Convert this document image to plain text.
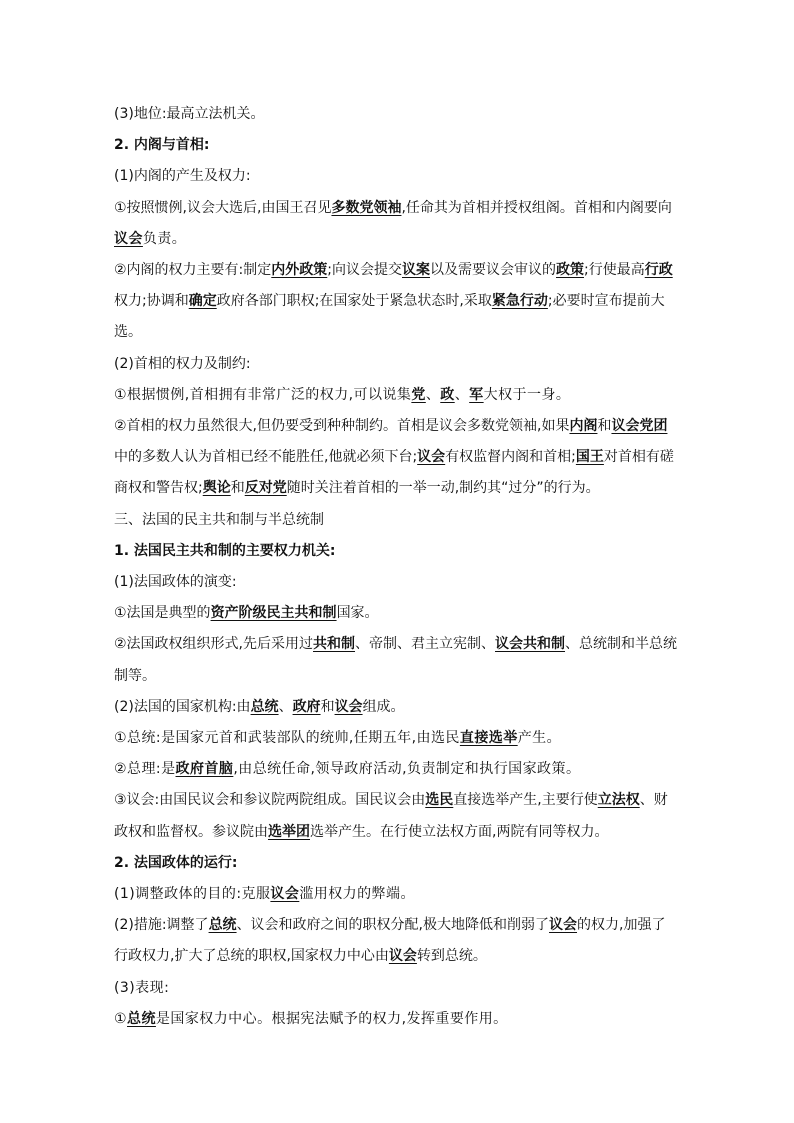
(3)地位:最高立法机关。
2. 内阁与首相:
(1)内阁的产生及权力:
①按照惯例,议会大选后,由国王召见多数党领袖,任命其为首相并授权组阁。首相和内阁要向
议会负责。
②内阁的权力主要有:制定内外政策;向议会提交议案以及需要议会审议的政策;行使最高行政
权力;协调和确定政府各部门职权;在国家处于紧急状态时,采取紧急行动;必要时宣布提前大
选。
(2)首相的权力及制约:
①根据惯例,首相拥有非常广泛的权力,可以说集党、政、军大权于一身。
②首相的权力虽然很大,但仍要受到种种制约。首相是议会多数党领袖,如果内阁和议会党团
中的多数人认为首相已经不能胜任,他就必须下台;议会有权监督内阁和首相;国王对首相有磋
商权和警告权;舆论和反对党随时关注着首相的一举一动,制约其“过分”的行为。
三、法国的民主共和制与半总统制
1. 法国民主共和制的主要权力机关:
(1)法国政体的演变:
①法国是典型的资产阶级民主共和制国家。
②法国政权组织形式,先后采用过共和制、帝制、君主立宪制、议会共和制、总统制和半总统
制等。
(2)法国的国家机构:由总统、政府和议会组成。
①总统:是国家元首和武装部队的统帅,任期五年,由选民直接选举产生。
②总理:是政府首脑,由总统任命,领导政府活动,负责制定和执行国家政策。
③议会:由国民议会和参议院两院组成。国民议会由选民直接选举产生,主要行使立法权、财
政权和监督权。参议院由选举团选举产生。在行使立法权方面,两院有同等权力。
2. 法国政体的运行:
(1)调整政体的目的:克服议会滥用权力的弊端。
(2)措施:调整了总统、议会和政府之间的职权分配,极大地降低和削弱了议会的权力,加强了
行政权力,扩大了总统的职权,国家权力中心由议会转到总统。
(3)表现:
①总统是国家权力中心。根据宪法赋予的权力,发挥重要作用。
